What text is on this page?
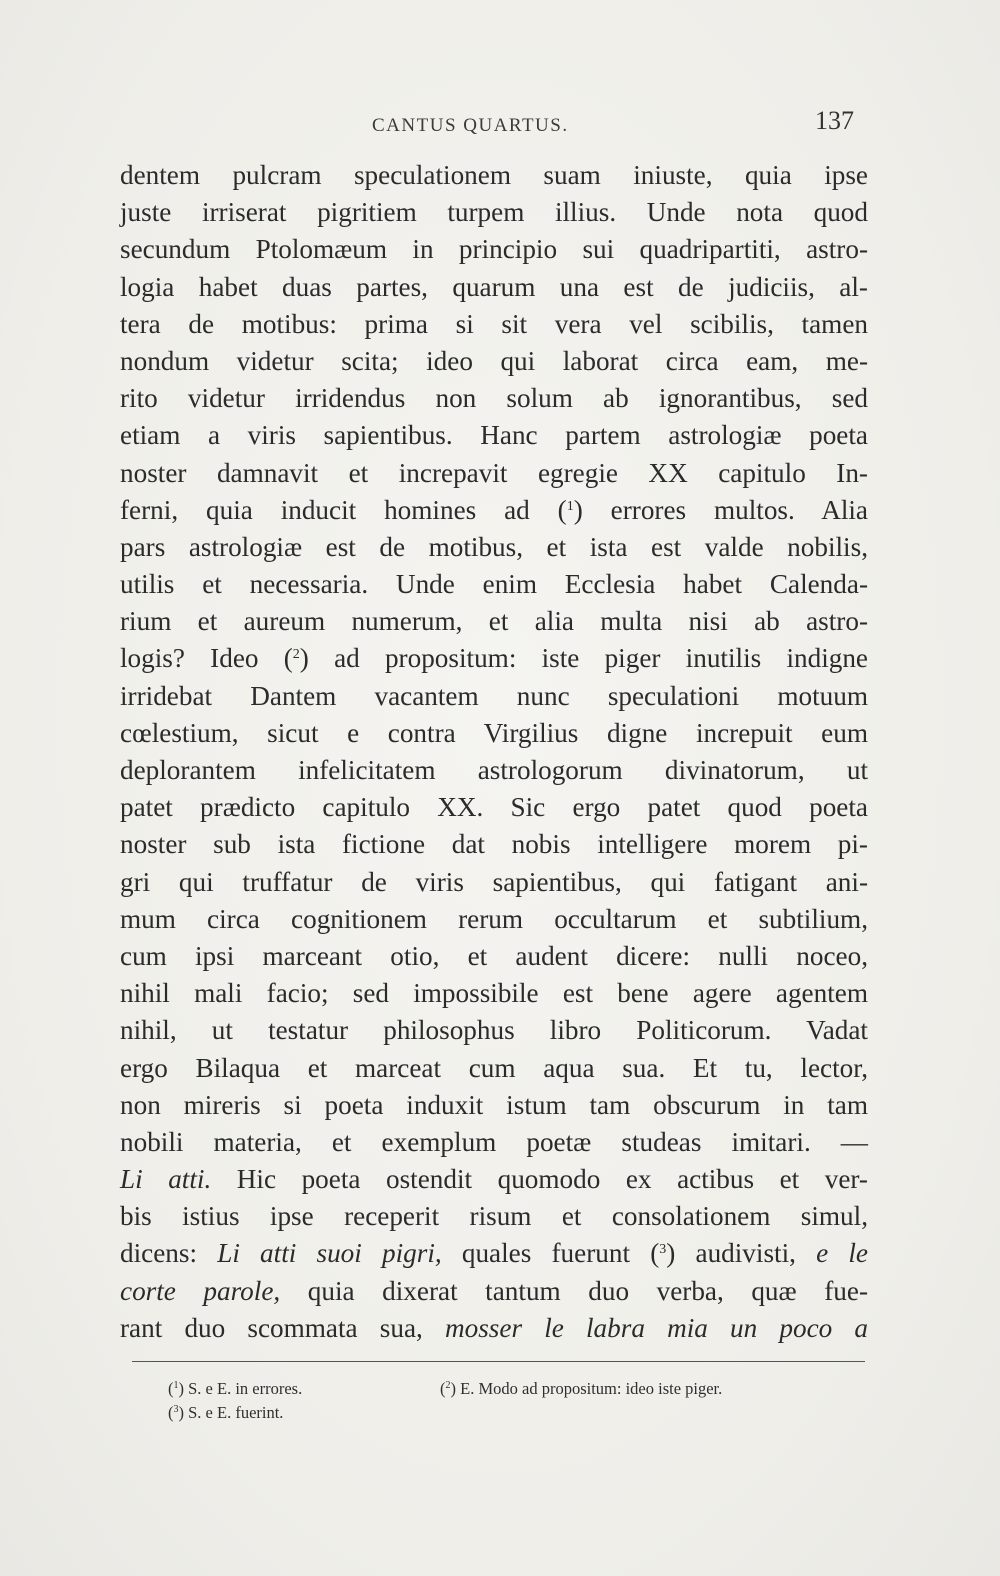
CANTUS QUARTUS.	137
dentem pulcram speculationem suam iniuste, quia ipse
juste irriserat pigritiem turpem illius. Unde nota quod
secundum Ptolomæum in principio sui quadripartiti, astro-
logia habet duas partes, quarum una est de judiciis, al-
tera de motibus: prima si sit vera vel scibilis, tamen
nondum videtur scita; ideo qui laborat circa eam, me-
rito videtur irridendus non solum ab ignorantibus, sed
etiam a viris sapientibus. Hanc partem astrologiæ poeta
noster damnavit et increpavit egregie XX capitulo In-
ferni, quia inducit homines ad ($^1$) errores multos. Alia
pars astrologiæ est de motibus, et ista est valde nobilis,
utilis et necessaria. Unde enim Ecclesia habet Calenda-
rium et aureum numerum, et alia multa nisi ab astro-
logis? Ideo ($^2$) ad propositum: iste piger inutilis indigne
irridebat Dantem vacantem nunc speculationi motuum
cœlestium, sicut e contra Virgilius digne increpuit eum
deplorantem infelicitatem astrologorum divinatorum, ut
patet prædicto capitulo XX. Sic ergo patet quod poeta
noster sub ista fictione dat nobis intelligere morem pi-
gri qui truffatur de viris sapientibus, qui fatigant ani-
mum circa cognitionem rerum occultarum et subtilium,
cum ipsi marceant otio, et audent dicere: nulli noceo,
nihil mali facio; sed impossibile est bene agere agentem
nihil, ut testatur philosophus libro Politicorum. Vadat
ergo Bilaqua et marceat cum aqua sua. Et tu, lector,
non mireris si poeta induxit istum tam obscurum in tam
nobili materia, et exemplum poetæ studeas imitari. —
Li atti. Hic poeta ostendit quomodo ex actibus et ver-
bis istius ipse receperit risum et consolationem simul,
dicens: Li atti suoi pigri, quales fuerunt ($^3$) audivisti, e le
corte parole, quia dixerat tantum duo verba, quæ fue-
rant duo scommata sua, mosser le labra mia un poco a
($^1$) S. e E. in errores.	($^2$) E. Modo ad propositum: ideo iste piger.
($^3$) S. e E. fuerint.
